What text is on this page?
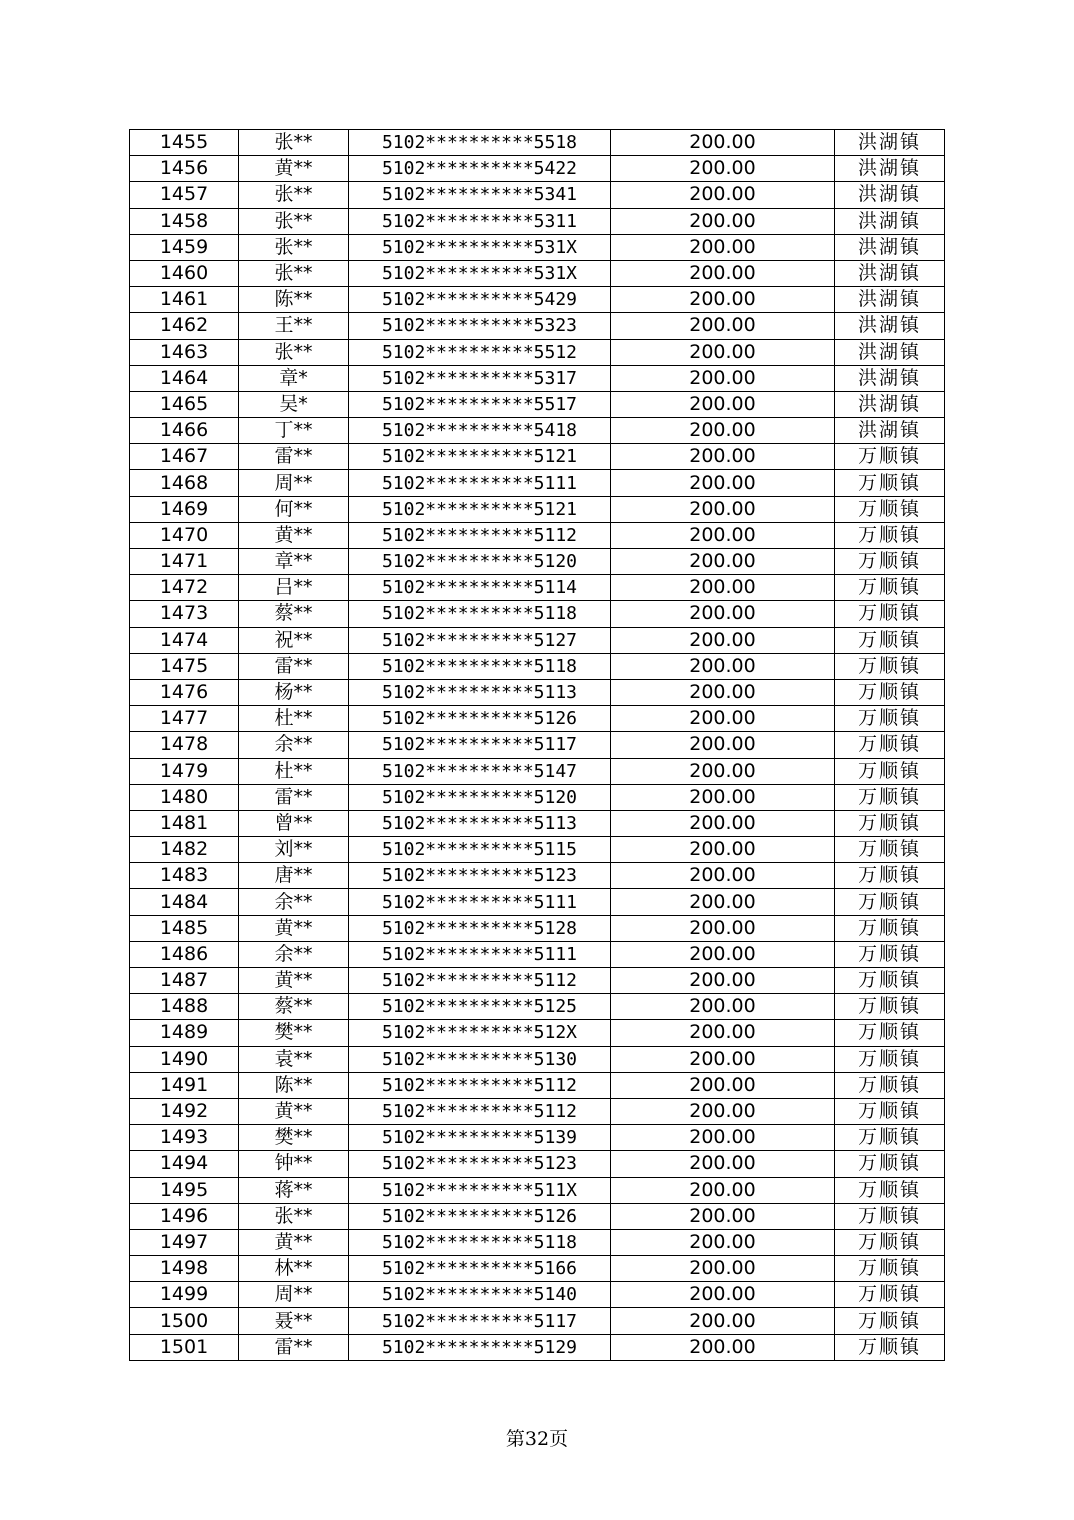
1455	张**	5102**********5518	200.00	洪湖镇
1456	黄**	5102**********5422	200.00	洪湖镇
1457	张**	5102**********5341	200.00	洪湖镇
1458	张**	5102**********5311	200.00	洪湖镇
1459	张**	5102**********531X	200.00	洪湖镇
1460	张**	5102**********531X	200.00	洪湖镇
1461	陈**	5102**********5429	200.00	洪湖镇
1462	王**	5102**********5323	200.00	洪湖镇
1463	张**	5102**********5512	200.00	洪湖镇
1464	章*	5102**********5317	200.00	洪湖镇
1465	吴*	5102**********5517	200.00	洪湖镇
1466	丁**	5102**********5418	200.00	洪湖镇
1467	雷**	5102**********5121	200.00	万顺镇
1468	周**	5102**********5111	200.00	万顺镇
1469	何**	5102**********5121	200.00	万顺镇
1470	黄**	5102**********5112	200.00	万顺镇
1471	章**	5102**********5120	200.00	万顺镇
1472	吕**	5102**********5114	200.00	万顺镇
1473	蔡**	5102**********5118	200.00	万顺镇
1474	祝**	5102**********5127	200.00	万顺镇
1475	雷**	5102**********5118	200.00	万顺镇
1476	杨**	5102**********5113	200.00	万顺镇
1477	杜**	5102**********5126	200.00	万顺镇
1478	余**	5102**********5117	200.00	万顺镇
1479	杜**	5102**********5147	200.00	万顺镇
1480	雷**	5102**********5120	200.00	万顺镇
1481	曾**	5102**********5113	200.00	万顺镇
1482	刘**	5102**********5115	200.00	万顺镇
1483	唐**	5102**********5123	200.00	万顺镇
1484	余**	5102**********5111	200.00	万顺镇
1485	黄**	5102**********5128	200.00	万顺镇
1486	余**	5102**********5111	200.00	万顺镇
1487	黄**	5102**********5112	200.00	万顺镇
1488	蔡**	5102**********5125	200.00	万顺镇
1489	樊**	5102**********512X	200.00	万顺镇
1490	袁**	5102**********5130	200.00	万顺镇
1491	陈**	5102**********5112	200.00	万顺镇
1492	黄**	5102**********5112	200.00	万顺镇
1493	樊**	5102**********5139	200.00	万顺镇
1494	钟**	5102**********5123	200.00	万顺镇
1495	蒋**	5102**********511X	200.00	万顺镇
1496	张**	5102**********5126	200.00	万顺镇
1497	黄**	5102**********5118	200.00	万顺镇
1498	林**	5102**********5166	200.00	万顺镇
1499	周**	5102**********5140	200.00	万顺镇
1500	聂**	5102**********5117	200.00	万顺镇
1501	雷**	5102**********5129	200.00	万顺镇
第32页
